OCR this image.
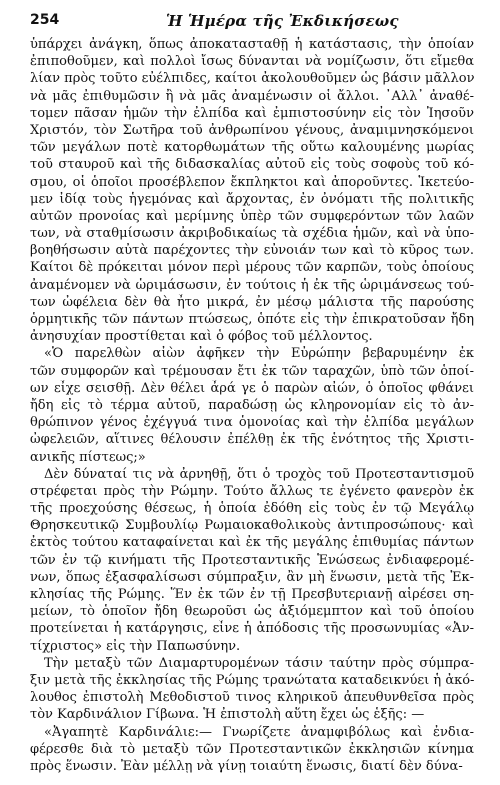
254	Ἡ Ἡμέρα τῆς Ἐκδικήσεως
ὑπάρχει ἀνάγκη, ὅπως ἀποκατασταθῇ ἡ κατάστασις, τὴν ὁποίαν
ἐπιποθοῦμεν, καὶ πολλοὶ ἴσως δύνανται νὰ νομίζωσιν, ὅτι εἴμεθα
λίαν πρὸς τοῦτο εὐέλπιδες, καίτοι ἀκολουθοῦμεν ὡς βάσιν μᾶλλον
νὰ μᾶς ἐπιθυμῶσιν ἢ νὰ μᾶς ἀναμένωσιν οἱ ἄλλοι. ᾿Αλλ᾿ ἀναθέ-
τομεν πᾶσαν ἡμῶν τὴν ἐλπίδα καὶ ἐμπιστοσύνην εἰς τὸν Ἰησοῦν
Χριστόν, τὸν Σωτῆρα τοῦ ἀνθρωπίνου γένους, ἀναμιμνησκόμενοι
τῶν μεγάλων ποτὲ κατορθωμάτων τῆς οὕτω καλουμένης μωρίας
τοῦ σταυροῦ καὶ τῆς διδασκαλίας αὐτοῦ εἰς τοὺς σοφοὺς τοῦ κό-
σμου, οἱ ὁποῖοι προσέβλεπον ἔκπληκτοι καὶ ἀποροῦντες. Ἱκετεύο-
μεν ἰδίᾳ τοὺς ἡγεμόνας καὶ ἄρχοντας, ἐν ὀνόματι τῆς πολιτικῆς
αὐτῶν προνοίας καὶ μερίμνης ὑπὲρ τῶν συμφερόντων τῶν λαῶν
των, νὰ σταθμίσωσιν ἀκριβοδικαίως τὰ σχέδια ἡμῶν, καὶ νὰ ὑπο-
βοηθήσωσιν αὐτὰ παρέχοντες τὴν εὐνοιάν των καὶ τὸ κῦρος των.
Καίτοι δὲ πρόκειται μόνον περὶ μέρους τῶν καρπῶν, τοὺς ὁποίους
ἀναμένομεν νὰ ὡριμάσωσιν, ἐν τούτοις ἡ ἐκ τῆς ὡριμάνσεως τού-
των ὠφέλεια δὲν θὰ ἦτο μικρά, ἐν μέσῳ μάλιστα τῆς παρούσης
ὁρμητικῆς τῶν πάντων πτώσεως, ὁπότε εἰς τὴν ἐπικρατοῦσαν ἤδη
ἀνησυχίαν προστίθεται καὶ ὁ φόβος τοῦ μέλλοντος.
«Ὁ παρελθὼν αἰὼν ἀφῆκεν τὴν Εὐρώπην βεβαρυμένην ἐκ
τῶν συμφορῶν καὶ τρέμουσαν ἔτι ἐκ τῶν ταραχῶν, ὑπὸ τῶν ὁποί-
ων εἶχε σεισθῇ. Δὲν θέλει ἆρά γε ὁ παρὼν αἰών, ὁ ὁποῖος φθάνει
ἤδη εἰς τὸ τέρμα αὐτοῦ, παραδώσῃ ὡς κληρονομίαν εἰς τὸ ἀν-
θρώπινον γένος ἐχέγγυά τινα ὁμονοίας καὶ τὴν ἐλπίδα μεγάλων
ὠφελειῶν, αἵτινες θέλουσιν ἐπέλθῃ ἐκ τῆς ἑνότητος τῆς Χριστι-
ανικῆς πίστεως;»
Δὲν δύναταί τις νὰ ἀρνηθῇ, ὅτι ὁ τροχὸς τοῦ Προτεσταντισμοῦ
στρέφεται πρὸς τὴν Ρώμην. Τούτο ἄλλως τε ἐγένετο φανερὸν ἐκ
τῆς προεχούσης θέσεως, ἡ ὁποία ἐδόθη εἰς τοὺς ἐν τῷ Μεγάλῳ
Θρησκευτικῷ Συμβουλίῳ Ρωμαιοκαθολικοὺς ἀντιπροσώπους· καὶ
ἐκτὸς τούτου καταφαίνεται καὶ ἐκ τῆς μεγάλης ἐπιθυμίας πάντων
τῶν ἐν τῷ κινήματι τῆς Προτεσταντικῆς Ἑνώσεως ἐνδιαφερομέ-
νων, ὅπως ἐξασφαλίσωσι σύμπραξιν, ἂν μὴ ἕνωσιν, μετὰ τῆς Ἐκ-
κλησίας τῆς Ρώμης. Ἕν ἐκ τῶν ἐν τῇ Πρεσβυτεριανῇ αἱρέσει ση-
μείων, τὸ ὁποῖον ἤδη θεωροῦσι ὡς ἀξιόμεμπτον καὶ τοῦ ὁποίου
προτείνεται ἡ κατάργησις, εἶνε ἡ ἀπόδοσις τῆς προσωνυμίας «Ἀν-
τίχριστος» εἰς τὴν Παπωσύνην.
Τὴν μεταξὺ τῶν Διαμαρτυρομένων τάσιν ταύτην πρὸς σύμπρα-
ξιν μετὰ τῆς ἐκκλησίας τῆς Ρώμης τρανώτατα καταδεικνύει ἡ ἀκό-
λουθος ἐπιστολὴ Μεθοδιστοῦ τινος κληρικοῦ ἀπευθυνθεῖσα πρὸς
τὸν Καρδινάλιον Γίβωνα. Ἡ ἐπιστολὴ αὕτη ἔχει ὡς ἑξῆς: —
«Ἀγαπητὲ Καρδινάλιε:— Γνωρίζετε ἀναμφιβόλως καὶ ἐνδια-
φέρεσθε διὰ τὸ μεταξὺ τῶν Προτεσταντικῶν ἐκκλησιῶν κίνημα
πρὸς ἕνωσιν. Ἐὰν μέλλῃ νὰ γίνῃ τοιαύτη ἕνωσις, διατί δὲν δύνα-
